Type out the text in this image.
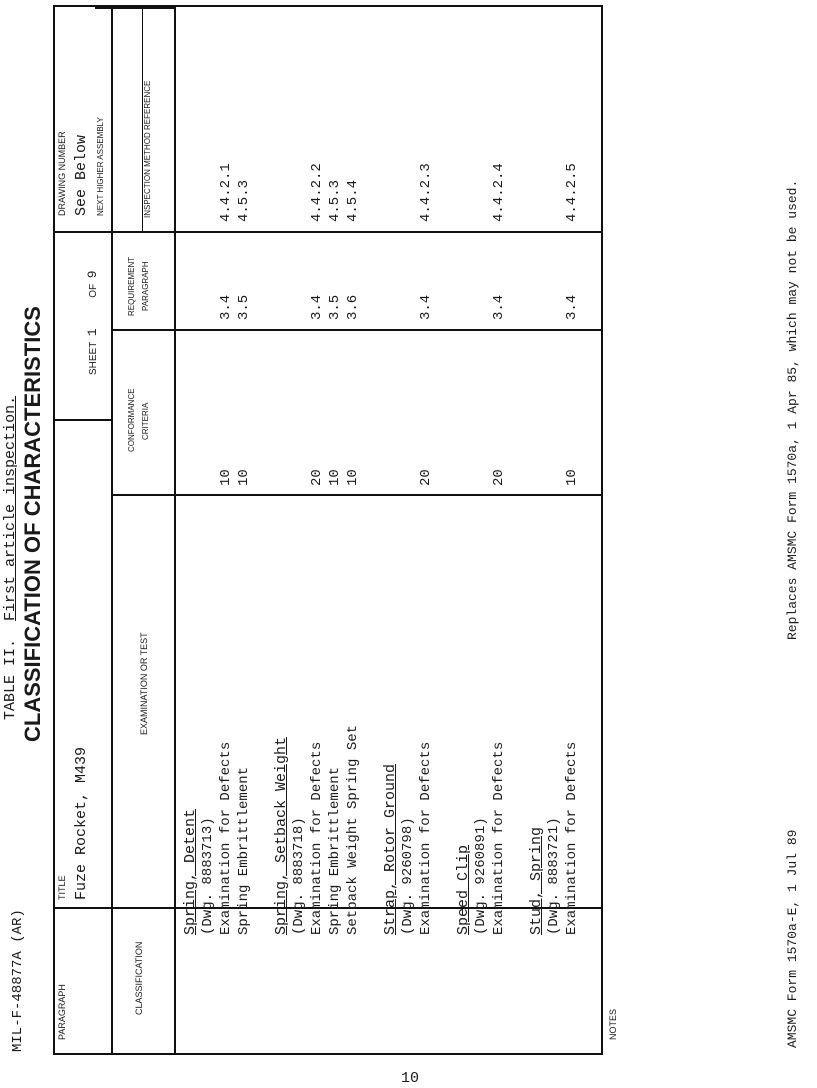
TABLE II.  First article inspection. CLASSIFICATION OF CHARACTERISTICS
MIL-F-48877A (AR)	PARAGRAPH
TITLE Fuze Rocket, M439
SHEET  1           OF  9
DRAWING NUMBER See Below NEXT HIGHER ASSEMBLY
CLASSIFICATION
EXAMINATION OR TEST
CONFORMANCE CRITERIA
REQUIREMENT PARAGRAPH
INSPECTION METHOD REFERENCE
Spring, Detent (Dwg. 8883713) Examination for Defects
10
3.4
4.4.2.1
Spring Embrittlement
10
3.5
4.5.3
Spring, Setback Weight (Dwg. 8883718) Examination for Defects
20
3.4
4.4.2.2
Spring Embrittlement
10
3.5
4.5.3
Setback Weight Spring Set
10
3.6
4.5.4
Strap, Rotor Ground (Dwg. 9260798) Examination for Defects
20
3.4
4.4.2.3
Speed Clip (Dwg. 9260891) Examination for Defects
20
3.4
4.4.2.4
Stud, Spring (Dwg. 8883721) Examination for Defects
10
3.4
4.4.2.5
NOTES	AMSMC Form 1570a-E, 1 Jul 89
Replaces AMSMC Form 1570a, 1 Apr 85, which may not be used.
10
